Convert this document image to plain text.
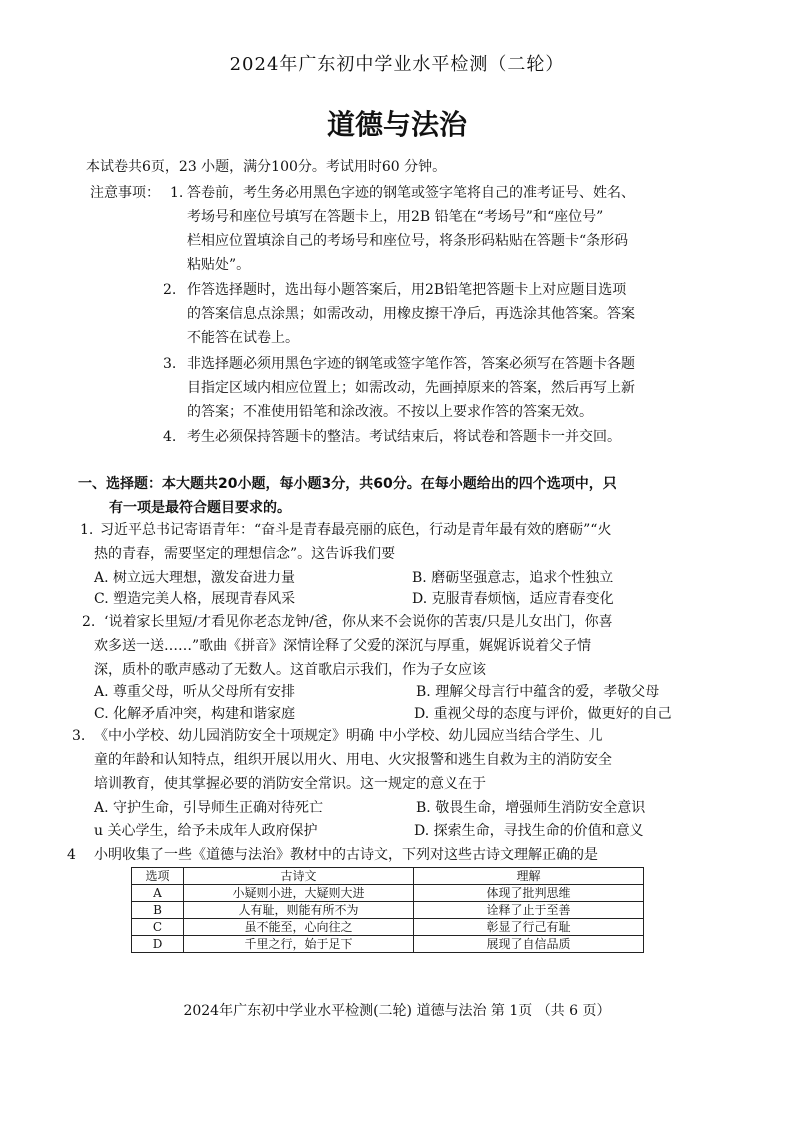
2024年广东初中学业水平检测（二轮）
道德与法治
本试卷共6页，23 小题，满分100分。考试用时60 分钟。
注意事项： 1. 答卷前，考生务必用黑色字迹的钢笔或签字笔将自己的准考证号、姓名、
考场号和座位号填写在答题卡上，用2B 铅笔在“考场号”和“座位号”
栏相应位置填涂自己的考场号和座位号，将条形码粘贴在答题卡“条形码
粘贴处”。
2. 作答选择题时，选出每小题答案后，用2B铅笔把答题卡上对应题目选项
的答案信息点涂黑；如需改动，用橡皮擦干净后，再选涂其他答案。答案
不能答在试卷上。
3. 非选择题必须用黑色字迹的钢笔或签字笔作答，答案必须写在答题卡各题
目指定区域内相应位置上；如需改动，先画掉原来的答案，然后再写上新
的答案；不准使用铅笔和涂改液。不按以上要求作答的答案无效。
4. 考生必须保持答题卡的整洁。考试结束后，将试卷和答题卡一并交回。
一、选择题：本大题共20小题，每小题3分，共60分。在每小题给出的四个选项中，只
有一项是最符合题目要求的。
1. 习近平总书记寄语青年：“奋斗是青春最亮丽的底色，行动是青年最有效的磨砺”“火
热的青春，需要坚定的理想信念”。这告诉我们要
A. 树立远大理想，激发奋进力量	B. 磨砺坚强意志，追求个性独立
C. 塑造完美人格，展现青春风采	D. 克服青春烦恼，适应青春变化
2. ‘说着家长里短/才看见你老态龙钟/爸，你从来不会说你的苦衷/只是儿女出门，你喜
欢多送一送……”歌曲《拼音》深情诠释了父爱的深沉与厚重，娓娓诉说着父子情
深，质朴的歌声感动了无数人。这首歌启示我们，作为子女应该
A. 尊重父母，听从父母所有安排	B. 理解父母言行中蕴含的爱，孝敬父母
C. 化解矛盾冲突，构建和谐家庭	D. 重视父母的态度与评价，做更好的自己
3. 《中小学校、幼儿园消防安全十项规定》明确 中小学校、幼儿园应当结合学生、儿
童的年龄和认知特点，组织开展以用火、用电、火灾报警和逃生自救为主的消防安全
培训教育，使其掌握必要的消防安全常识。这一规定的意义在于
A. 守护生命，引导师生正确对待死亡	B. 敬畏生命，增强师生消防安全意识
u 关心学生，给予未成年人政府保护	D. 探索生命，寻找生命的价值和意义
4 小明收集了一些《道德与法治》教材中的古诗文，下列对这些古诗文理解正确的是
选项	古诗文	理解
A	小疑则小进，大疑则大进	体现了批判思维
B	人有耻，则能有所不为	诠释了止于至善
C	虽不能至，心向往之	彰显了行己有耻
D	千里之行，始于足下	展现了自信品质
2024年广东初中学业水平检测(二轮) 道德与法治 第 1页 （共 6 页）
